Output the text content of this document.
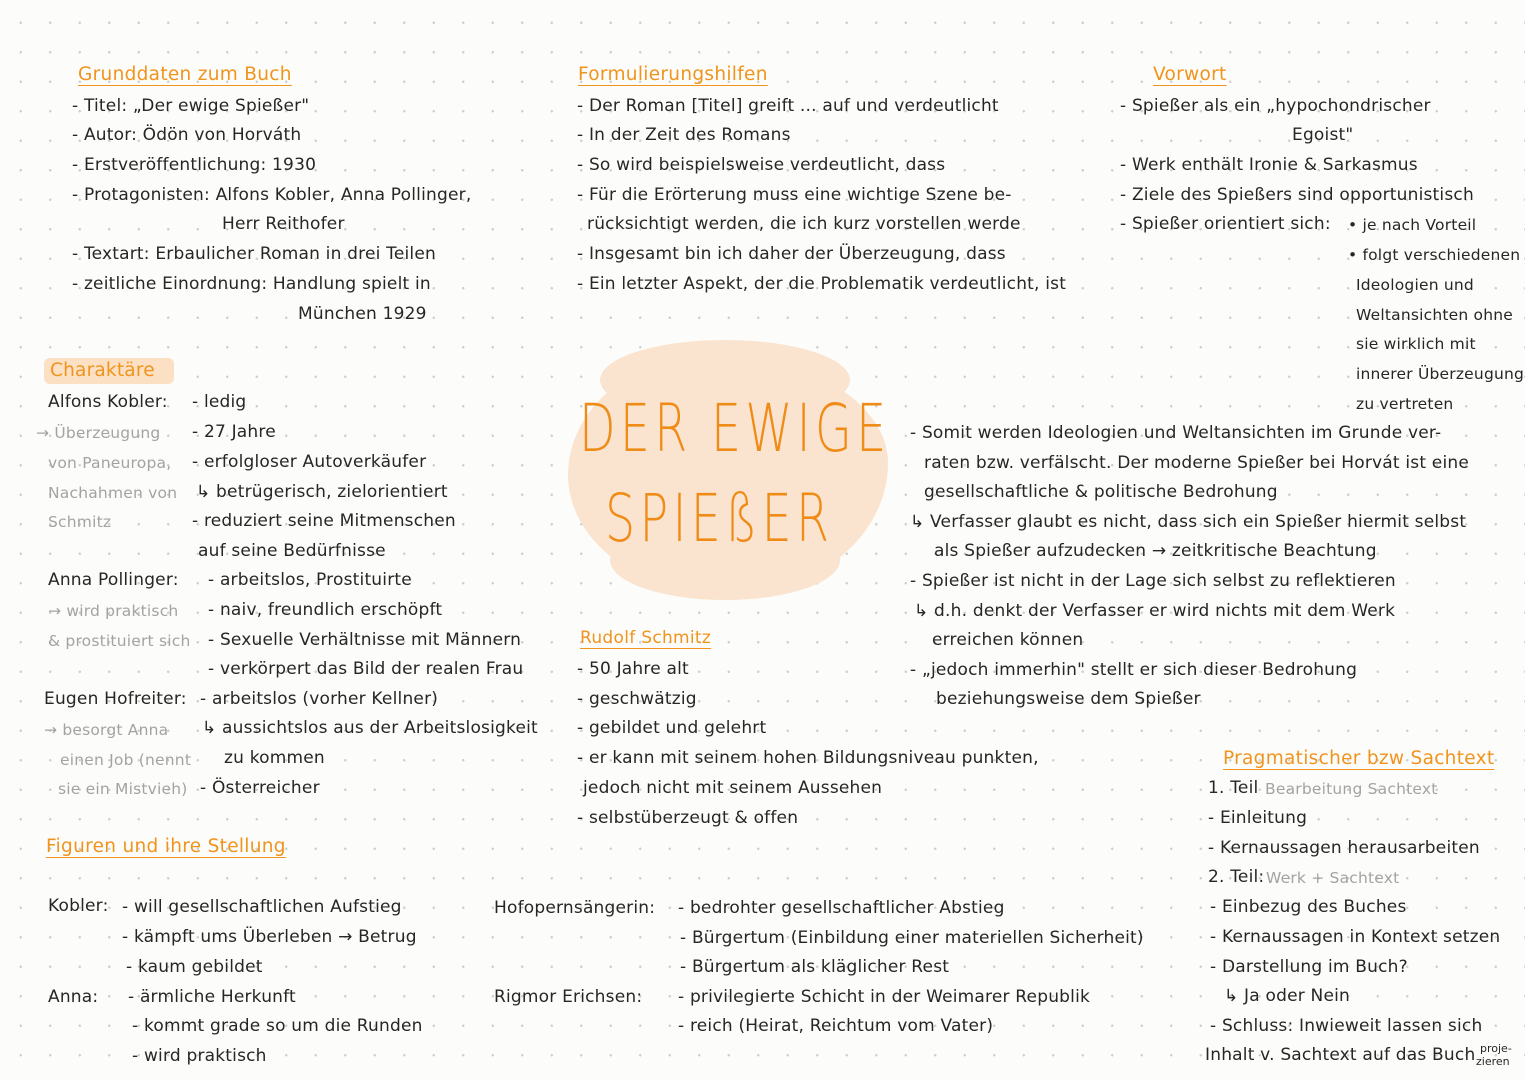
DER EWIGE
SPIEßER
Grunddaten zum Buch
- Titel: „Der ewige Spießer"
- Autor: Ödön von Horváth
- Erstveröffentlichung: 1930
- Protagonisten: Alfons Kobler, Anna Pollinger,
Herr Reithofer
- Textart: Erbaulicher Roman in drei Teilen
- zeitliche Einordnung: Handlung spielt in
München 1929
Formulierungshilfen
- Der Roman [Titel] greift ... auf und verdeutlicht
- In der Zeit des Romans
- So wird beispielsweise verdeutlicht, dass
- Für die Erörterung muss eine wichtige Szene be-
rücksichtigt werden, die ich kurz vorstellen werde
- Insgesamt bin ich daher der Überzeugung, dass
- Ein letzter Aspekt, der die Problematik verdeutlicht, ist
Vorwort
- Spießer als ein „hypochondrischer
Egoist"
- Werk enthält Ironie & Sarkasmus
- Ziele des Spießers sind opportunistisch
- Spießer orientiert sich: • je nach Vorteil
• folgt verschiedenen
Ideologien und
Weltansichten ohne
sie wirklich mit
innerer Überzeugung
zu vertreten
Charaktäre
Alfons Kobler:
→ Überzeugung
von Paneuropa,
Nachahmen von
Schmitz
- ledig
- 27 Jahre
- erfolgloser Autoverkäufer
↳ betrügerisch, zielorientiert
- reduziert seine Mitmenschen
auf seine Bedürfnisse
Anna Pollinger:
→ wird praktisch
& prostituiert sich
- arbeitslos, Prostituirte
- naiv, freundlich erschöpft
- Sexuelle Verhältnisse mit Männern
- verkörpert das Bild der realen Frau
Eugen Hofreiter:
→ besorgt Anna
einen Job (nennt
sie ein Mistvieh)
- arbeitslos (vorher Kellner)
↳ aussichtslos aus der Arbeitslosigkeit
zu kommen
- Österreicher
- Somit werden Ideologien und Weltansichten im Grunde ver-
raten bzw. verfälscht. Der moderne Spießer bei Horvát ist eine
gesellschaftliche & politische Bedrohung
↳ Verfasser glaubt es nicht, dass sich ein Spießer hiermit selbst
als Spießer aufzudecken → zeitkritische Beachtung
- Spießer ist nicht in der Lage sich selbst zu reflektieren
↳ d.h. denkt der Verfasser er wird nichts mit dem Werk
erreichen können
- „jedoch immerhin" stellt er sich dieser Bedrohung
beziehungsweise dem Spießer
Rudolf Schmitz
- 50 Jahre alt
- geschwätzig
- gebildet und gelehrt
- er kann mit seinem hohen Bildungsniveau punkten,
jedoch nicht mit seinem Aussehen
- selbstüberzeugt & offen
Figuren und ihre Stellung
Kobler: - will gesellschaftlichen Aufstieg
- kämpft ums Überleben → Betrug
- kaum gebildet
Anna: - ärmliche Herkunft
- kommt grade so um die Runden
- wird praktisch
Hofopernsängerin: - bedrohter gesellschaftlicher Abstieg
- Bürgertum (Einbildung einer materiellen Sicherheit)
- Bürgertum als kläglicher Rest
Rigmor Erichsen: - privilegierte Schicht in der Weimarer Republik
- reich (Heirat, Reichtum vom Vater)
Pragmatischer bzw Sachtext
1. Teil Bearbeitung Sachtext
- Einleitung
- Kernaussagen herausarbeiten
2. Teil: Werk + Sachtext
- Einbezug des Buches
- Kernaussagen in Kontext setzen
- Darstellung im Buch?
↳ Ja oder Nein
- Schluss: Inwieweit lassen sich
Inhalt v. Sachtext auf das Buch proje-
zieren
